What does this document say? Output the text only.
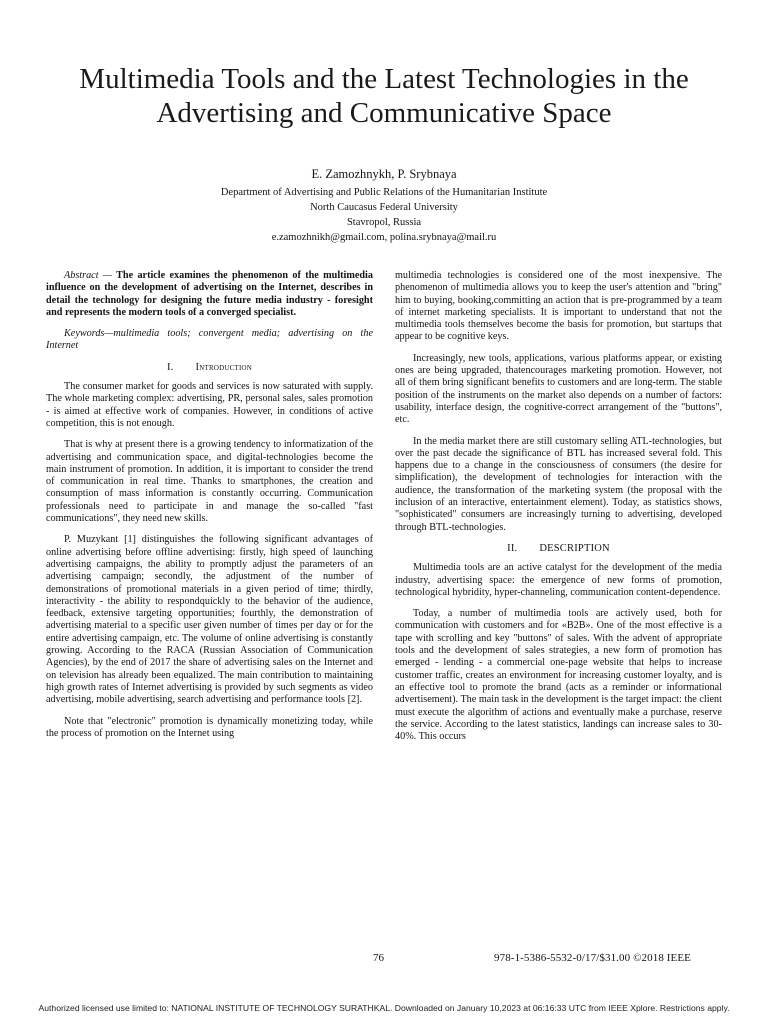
Multimedia Tools and the Latest Technologies in the
Advertising and Communicative Space
E. Zamozhnykh, P. Srybnaya
Department of Advertising and Public Relations of the Humanitarian Institute
North Caucasus Federal University
Stavropol, Russia
e.zamozhnikh@gmail.com, polina.srybnaya@mail.ru

Abstract — The article examines the phenomenon of the multimedia influence on the development of advertising on the Internet, describes in detail the technology for designing the future media industry - foresight and represents the modern tools of a converged specialist.

Keywords—multimedia tools; convergent media; advertising on the Internet

I. Introduction

The consumer market for goods and services is now saturated with supply. The whole marketing complex: advertising, PR, personal sales, sales promotion - is aimed at effective work of companies. However, in conditions of active competition, this is not enough.

That is why at present there is a growing tendency to informatization of the advertising and communication space, and digital-technologies become the main instrument of promotion. In addition, it is important to consider the trend of communication in real time. Thanks to smartphones, the creation and consumption of mass information is constantly occurring. Communication professionals need to participate in and manage the so-called "fast communications", they need new skills.

P. Muzykant [1] distinguishes the following significant advantages of online advertising before offline advertising: firstly, high speed of launching advertising campaigns, the ability to promptly adjust the parameters of an advertising campaign; secondly, the adjustment of the number of demonstrations of promotional materials in a given period of time; thirdly, interactivity - the ability to respondquickly to the behavior of the audience, feedback, extensive targeting opportunities; fourthly, the demonstration of advertising material to a specific user given number of times per day or for the entire advertising campaign, etc. The volume of online advertising is constantly growing. According to the RACA (Russian Association of Communication Agencies), by the end of 2017 the share of advertising sales on the Internet and on television has already been equalized. The main contribution to maintaining high growth rates of Internet advertising is provided by such segments as video advertising, mobile advertising, search advertising and performance tools [2].

Note that "electronic" promotion is dynamically monetizing today, while the process of promotion on the Internet using

multimedia technologies is considered one of the most inexpensive. The phenomenon of multimedia allows you to keep the user's attention and "bring" him to buying, booking,committing an action that is pre-programmed by a team of internet marketing specialists. It is important to understand that not the multimedia tools themselves become the basis for promotion, but startups that appear to be cognitive keys.

Increasingly, new tools, applications, various platforms appear, or existing ones are being upgraded, thatencourages marketing promotion. However, not all of them bring significant benefits to customers and are long-term. The stable position of the instruments on the market also depends on a number of factors: usability, interface design, the cognitive-correct arrangement of the "buttons", etc.

In the media market there are still customary selling ATL-technologies, but over the past decade the significance of BTL has increased several fold. This happens due to a change in the consciousness of consumers (the desire for simplification), the development of technologies for interaction with the audience, the transformation of the marketing system (the proposal with the inclusion of an interactive, entertainment element). Today, as statistics shows, "sophisticated" consumers are increasingly turning to advertising, developed through BTL-technologies.

II. DESCRIPTION

Multimedia tools are an active catalyst for the development of the media industry, advertising space: the emergence of new forms of promotion, technological hybridity, hyper-channeling, communication content-dependence.

Today, a number of multimedia tools are actively used, both for communication with customers and for «B2B». One of the most effective is a tape with scrolling and key "buttons" of sales. With the advent of appropriate tools and the development of sales strategies, a new form of promotion has emerged - lending - a commercial one-page website that helps to increase customer traffic, creates an environment for increasing customer loyalty, and is an effective tool to promote the brand (acts as a reminder or informational advertisement). The main task in the development is the target impact: the client must execute the algorithm of actions and eventually make a purchase, reserve the service. According to the latest statistics, landings can increase sales to 30-40%. This occurs

76	978-1-5386-5532-0/17/$31.00 ©2018 IEEE
Authorized licensed use limited to: NATIONAL INSTITUTE OF TECHNOLOGY SURATHKAL. Downloaded on January 10,2023 at 06:16:33 UTC from IEEE Xplore. Restrictions apply.
